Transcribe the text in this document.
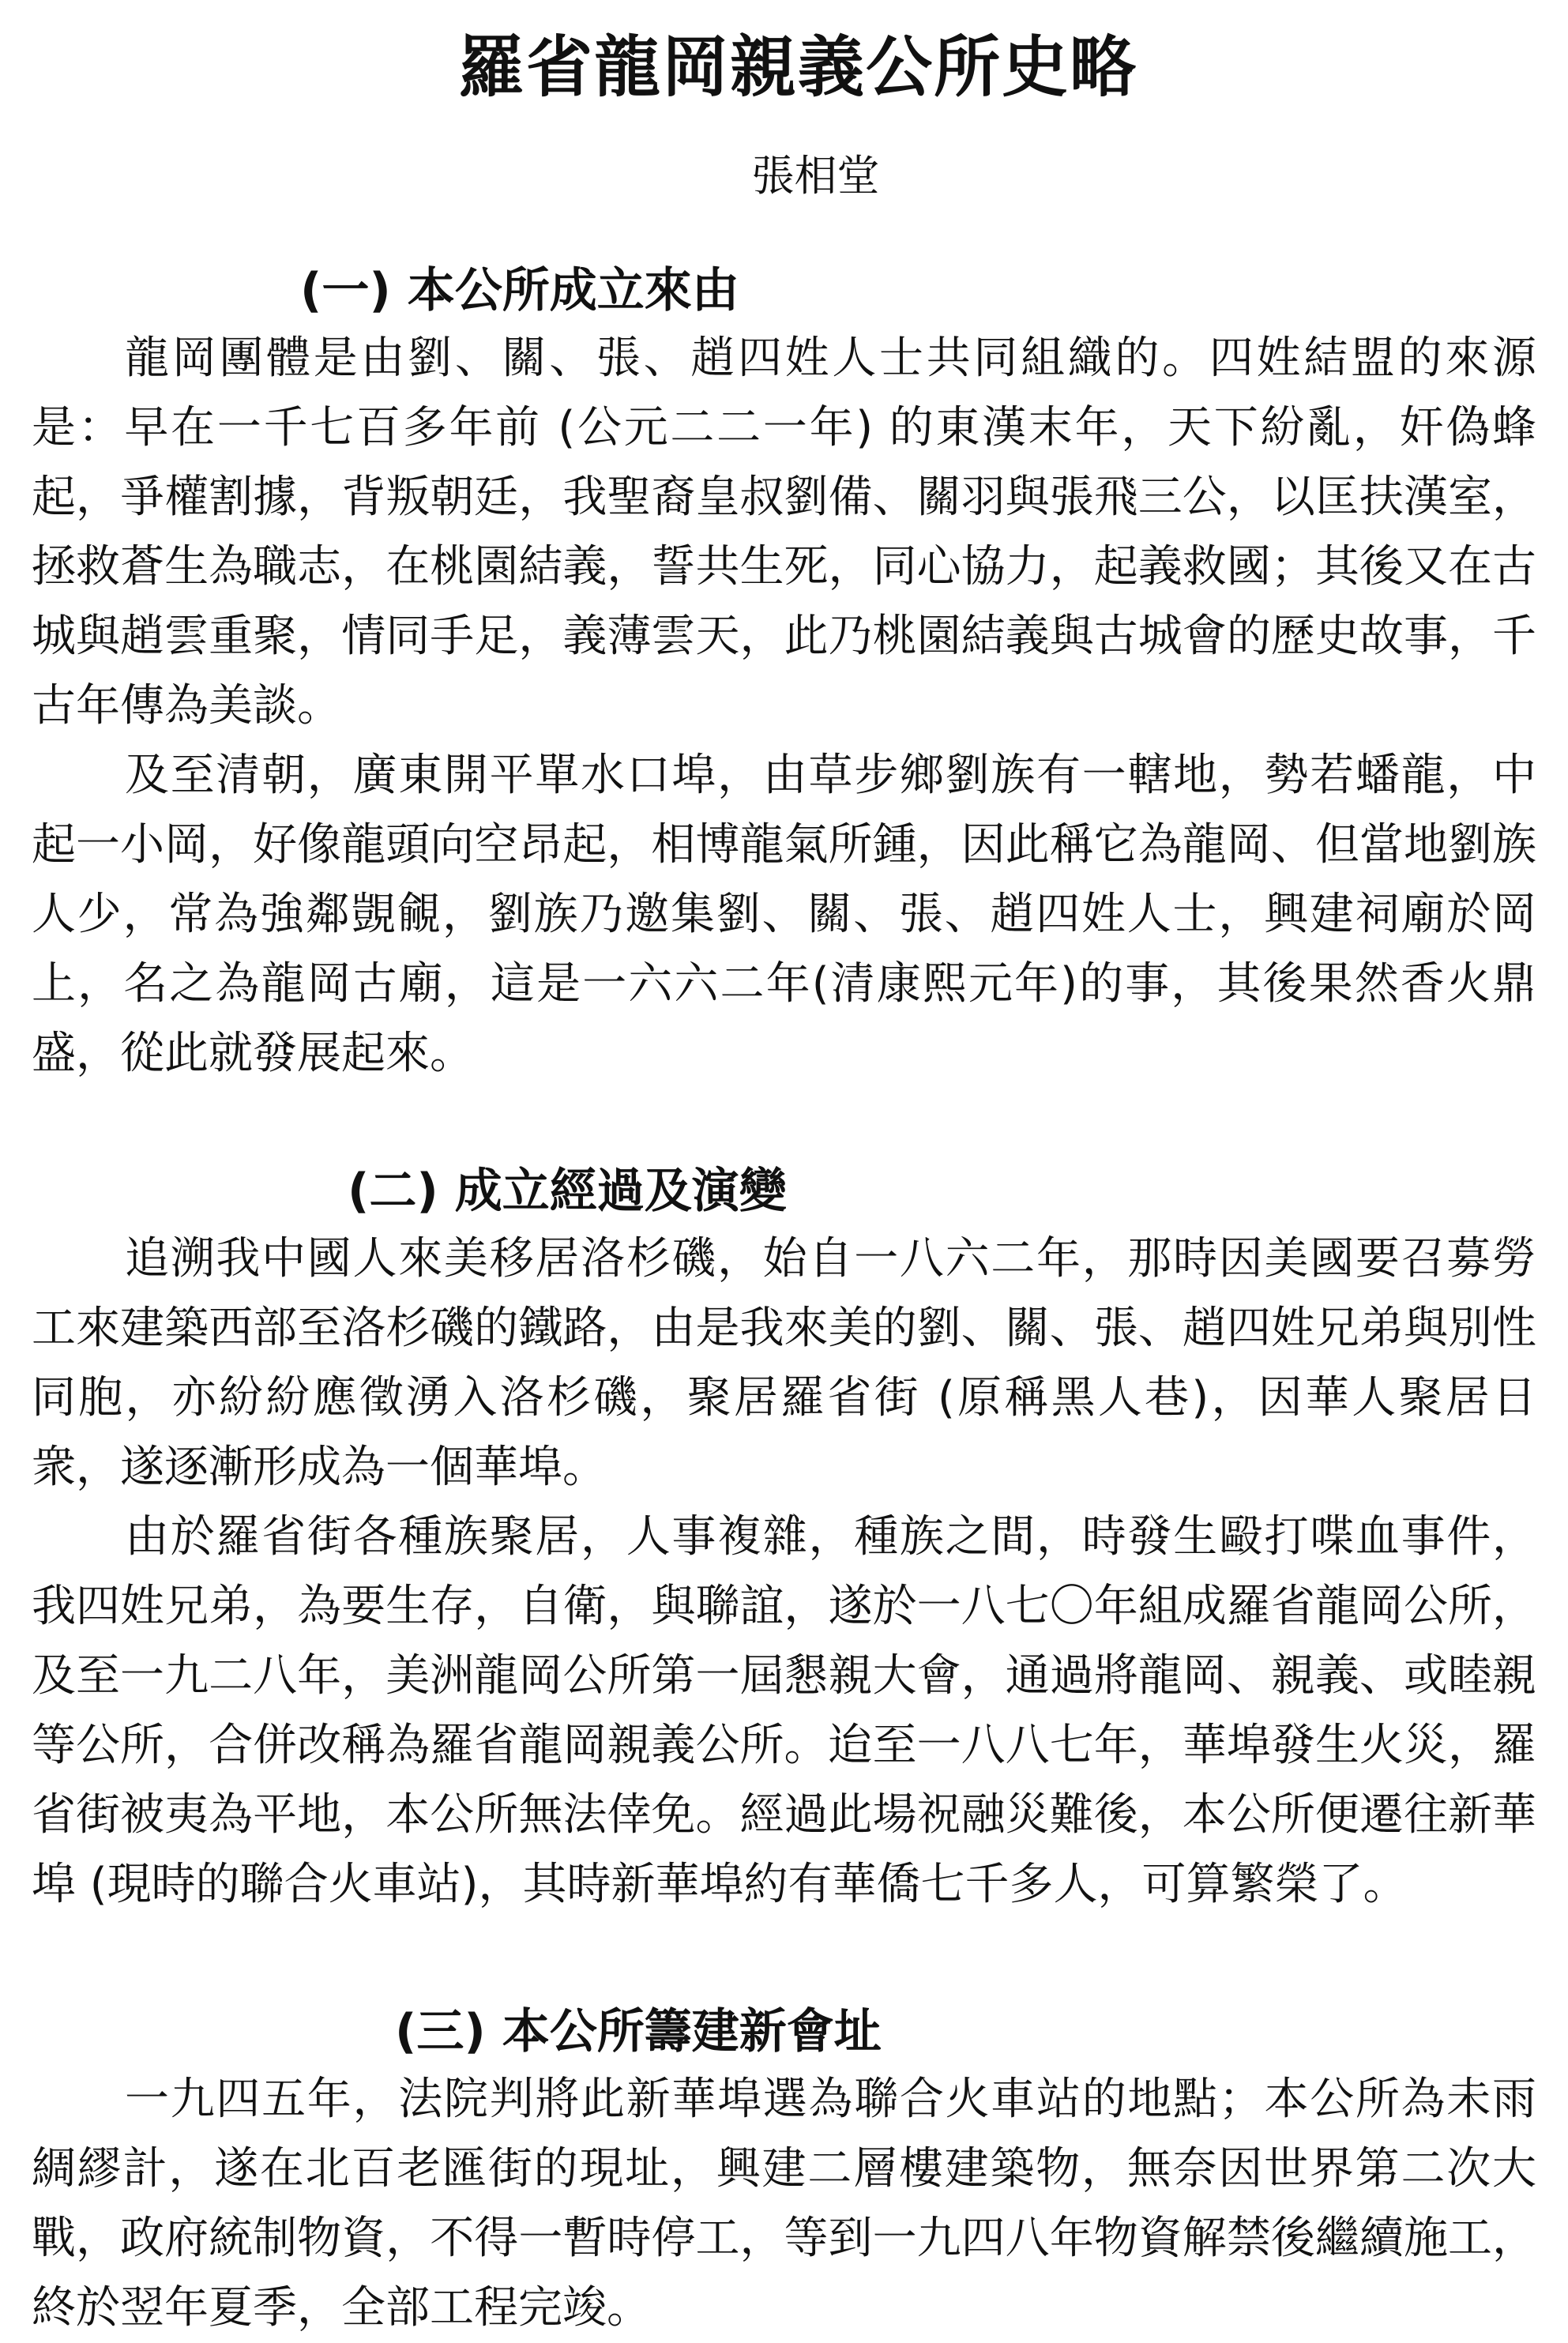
羅省龍岡親義公所史略
張相堂
(一) 本公所成立來由

龍岡團體是由劉、關、張、趙四姓人士共同組織的。四姓結盟的來源是：早在一千七百多年前 (公元二二一年) 的東漢末年，天下紛亂，奸偽蜂起，爭權割據，背叛朝廷，我聖裔皇叔劉備、關羽與張飛三公，以匡扶漢室，拯救蒼生為職志，在桃園結義，誓共生死，同心協力，起義救國；其後又在古城與趙雲重聚，情同手足，義薄雲天，此乃桃園結義與古城會的歷史故事，千古年傳為美談。

及至清朝，廣東開平單水口埠，由草步鄉劉族有一轄地，勢若蟠龍，中起一小岡，好像龍頭向空昂起，相博龍氣所鍾，因此稱它為龍岡、但當地劉族人少，常為強鄰覬覦，劉族乃邀集劉、關、張、趙四姓人士，興建祠廟於岡上，名之為龍岡古廟，這是一六六二年(清康熙元年)的事，其後果然香火鼎盛，從此就發展起來。

(二) 成立經過及演變

追溯我中國人來美移居洛杉磯，始自一八六二年，那時因美國要召募勞工來建築西部至洛杉磯的鐵路，由是我來美的劉、關、張、趙四姓兄弟與別性同胞，亦紛紛應徵湧入洛杉磯，聚居羅省街 (原稱黑人巷)，因華人聚居日衆，遂逐漸形成為一個華埠。

由於羅省街各種族聚居，人事複雜，種族之間，時發生毆打喋血事件，我四姓兄弟，為要生存，自衛，與聯誼，遂於一八七〇年組成羅省龍岡公所，及至一九二八年，美洲龍岡公所第一屆懇親大會，通過將龍岡、親義、或睦親等公所，合併改稱為羅省龍岡親義公所。迨至一八八七年，華埠發生火災，羅省街被夷為平地，本公所無法倖免。經過此場祝融災難後，本公所便遷往新華埠 (現時的聯合火車站)，其時新華埠約有華僑七千多人，可算繁榮了。

(三) 本公所籌建新會址

一九四五年，法院判將此新華埠選為聯合火車站的地點；本公所為未雨綢繆計，遂在北百老匯街的現址，興建二層樓建築物，無奈因世界第二次大戰，政府統制物資，不得一暫時停工，等到一九四八年物資解禁後繼續施工，終於翌年夏季，全部工程完竣。
